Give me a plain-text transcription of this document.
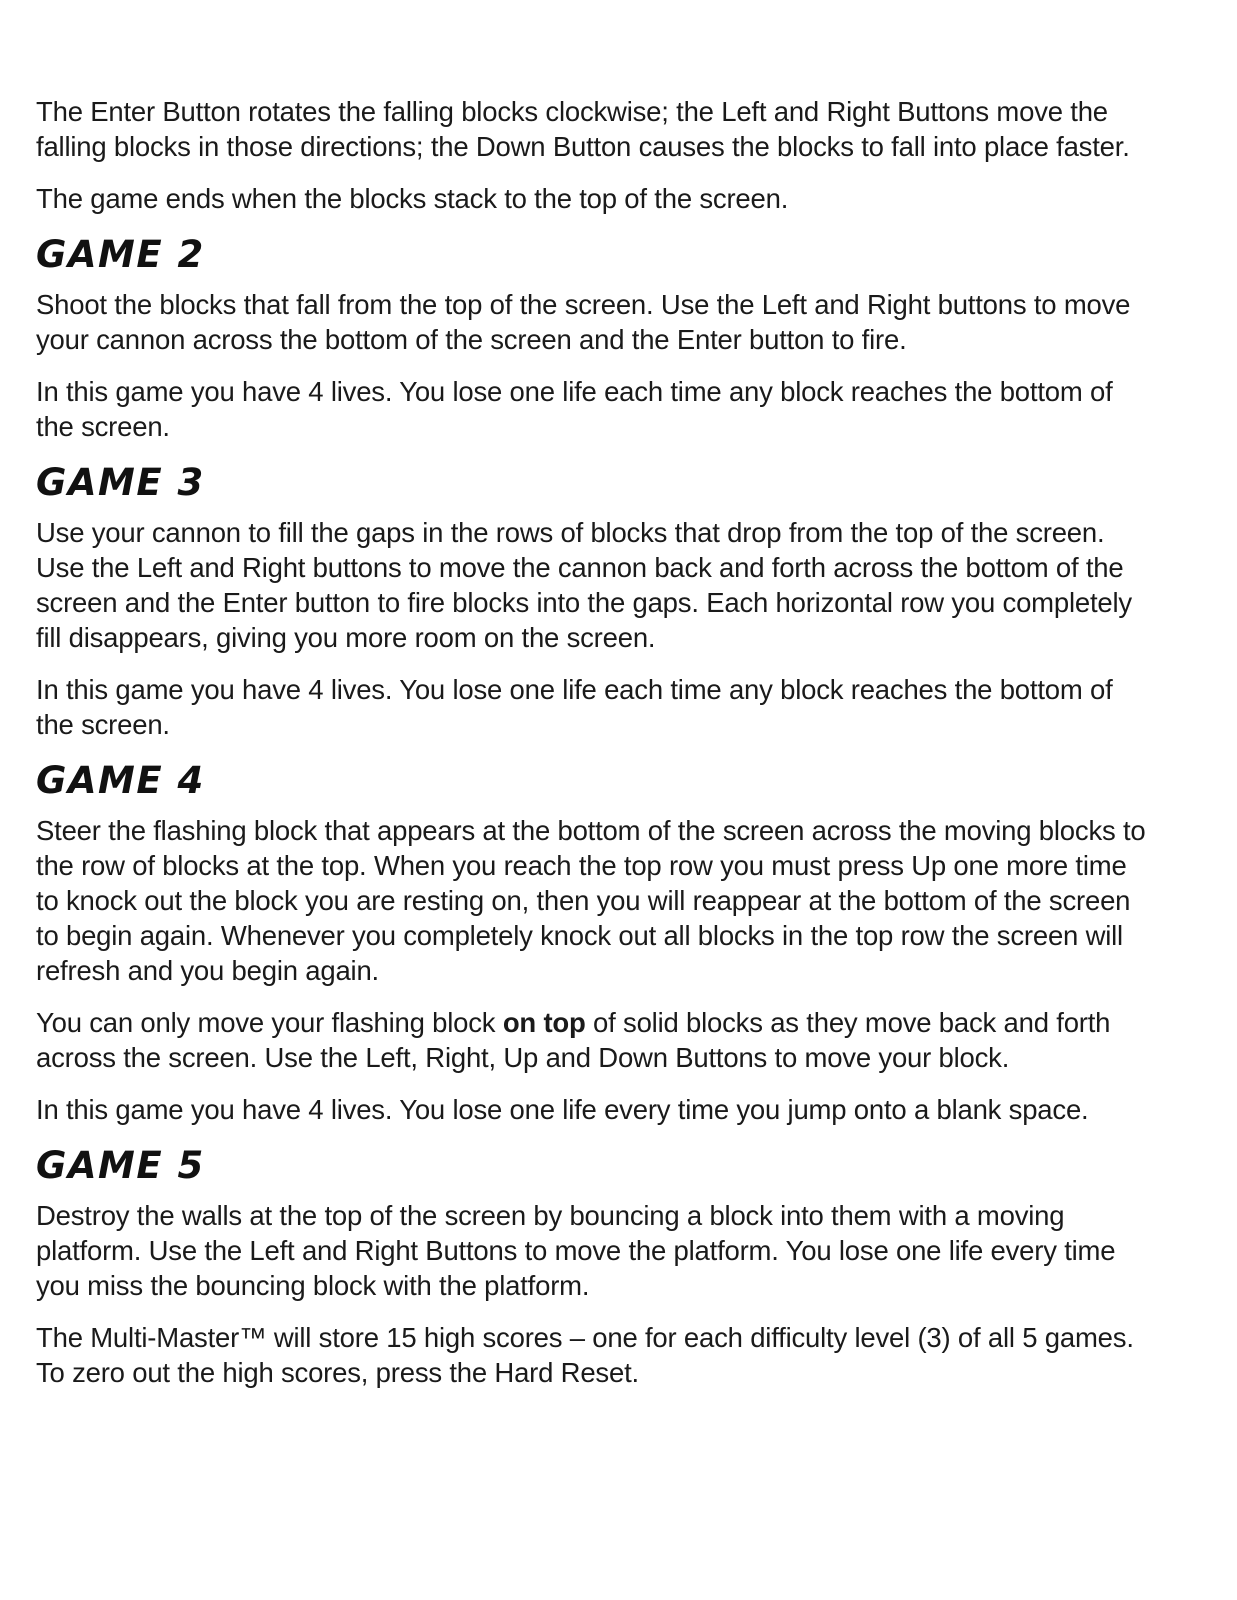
The Enter Button rotates the falling blocks clockwise; the Left and Right Buttons move the falling blocks in those directions; the Down Button causes the blocks to fall into place faster.

The game ends when the blocks stack to the top of the screen.

GAME 2

Shoot the blocks that fall from the top of the screen. Use the Left and Right buttons to move your cannon across the bottom of the screen and the Enter button to fire.

In this game you have 4 lives. You lose one life each time any block reaches the bottom of the screen.

GAME 3

Use your cannon to fill the gaps in the rows of blocks that drop from the top of the screen. Use the Left and Right buttons to move the cannon back and forth across the bottom of the screen and the Enter button to fire blocks into the gaps. Each horizontal row you completely fill disappears, giving you more room on the screen.

In this game you have 4 lives. You lose one life each time any block reaches the bottom of the screen.

GAME 4

Steer the flashing block that appears at the bottom of the screen across the moving blocks to the row of blocks at the top. When you reach the top row you must press Up one more time to knock out the block you are resting on, then you will reappear at the bottom of the screen to begin again. Whenever you completely knock out all blocks in the top row the screen will refresh and you begin again.

You can only move your flashing block on top of solid blocks as they move back and forth across the screen. Use the Left, Right, Up and Down Buttons to move your block.

In this game you have 4 lives. You lose one life every time you jump onto a blank space.

GAME 5

Destroy the walls at the top of the screen by bouncing a block into them with a moving platform. Use the Left and Right Buttons to move the platform. You lose one life every time you miss the bouncing block with the platform.

The Multi-Master™ will store 15 high scores – one for each difficulty level (3) of all 5 games. To zero out the high scores, press the Hard Reset.
